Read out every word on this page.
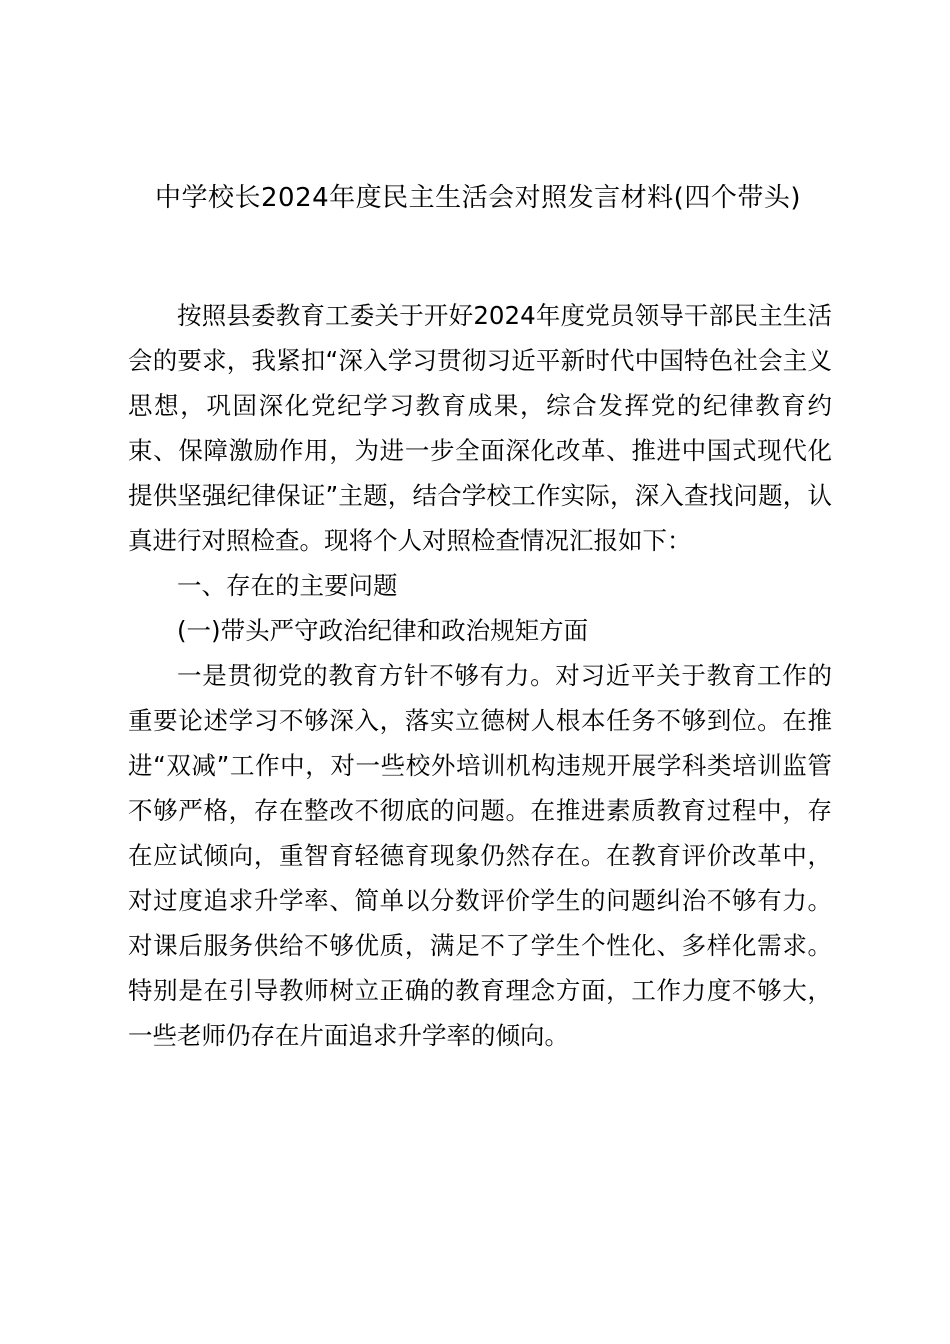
中学校长2024年度民主生活会对照发言材料(四个带头)

按照县委教育工委关于开好2024年度党员领导干部民主生活会的要求，我紧扣“深入学习贯彻习近平新时代中国特色社会主义思想，巩固深化党纪学习教育成果，综合发挥党的纪律教育约束、保障激励作用，为进一步全面深化改革、推进中国式现代化提供坚强纪律保证”主题，结合学校工作实际，深入查找问题，认真进行对照检查。现将个人对照检查情况汇报如下：

一、存在的主要问题

(一)带头严守政治纪律和政治规矩方面

一是贯彻党的教育方针不够有力。对习近平关于教育工作的重要论述学习不够深入，落实立德树人根本任务不够到位。在推进“双减”工作中，对一些校外培训机构违规开展学科类培训监管不够严格，存在整改不彻底的问题。在推进素质教育过程中，存在应试倾向，重智育轻德育现象仍然存在。在教育评价改革中，对过度追求升学率、简单以分数评价学生的问题纠治不够有力。对课后服务供给不够优质，满足不了学生个性化、多样化需求。特别是在引导教师树立正确的教育理念方面，工作力度不够大，一些老师仍存在片面追求升学率的倾向。
